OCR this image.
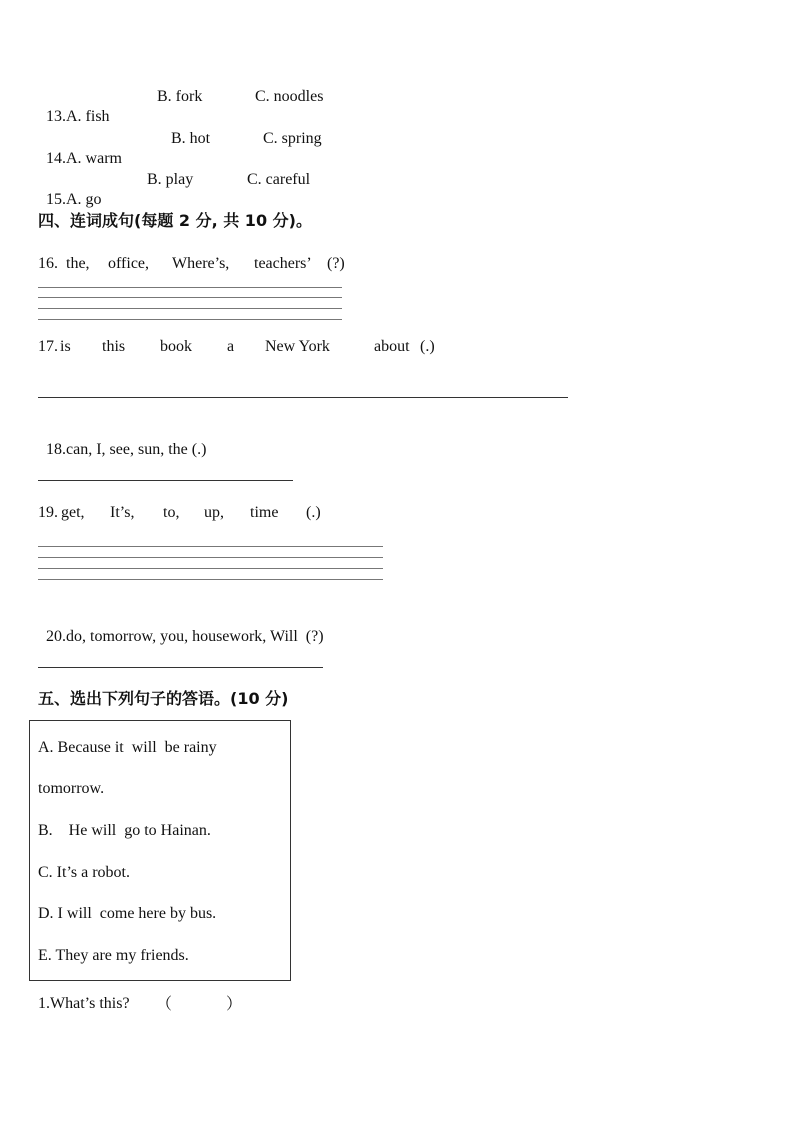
13.A. fish

B. fork	C. noodles

14.A. warm

B. hot	C. spring

15.A. go

B. play	C. careful
四、连词成句(每题 2 分, 共 10 分)。
16. the, office, Where’s, teachers’ (?)
17. is this book a New York	about (.)

18.can, I, see, sun, the (.)

19. get, It’s, to, up, time (.)

20.do, tomorrow, you, housework, Will  (?)

五、选出下列句子的答语。(10 分)
A. Because it  will  be rainy
tomorrow.
B.    He will  go to Hainan.
C. It’s a robot.
D. I will  come here by bus.
E. They are my friends.
1.What’s this? （	）
